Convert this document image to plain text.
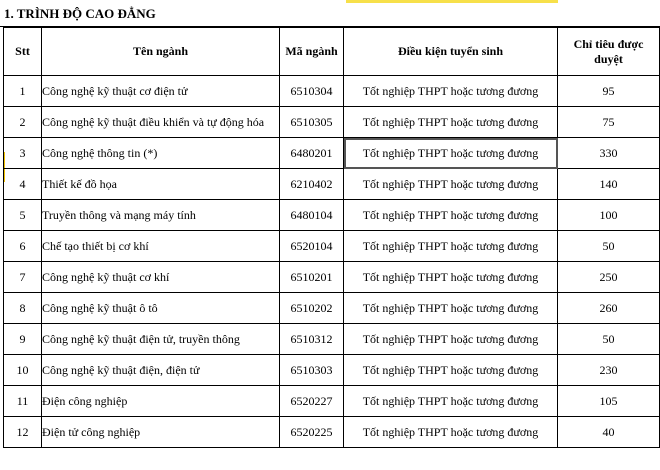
1. TRÌNH ĐỘ CAO ĐẲNG
Stt	Tên ngành	Mã ngành	Điều kiện tuyển sinh	Chỉ tiêu được duyệt
1	Công nghệ kỹ thuật cơ điện tử	6510304	Tốt nghiệp THPT hoặc tương đương	95
2	Công nghệ kỹ thuật điều khiển và tự động hóa	6510305	Tốt nghiệp THPT hoặc tương đương	75
3	Công nghệ thông tin (*)	6480201	Tốt nghiệp THPT hoặc tương đương	330
4	Thiết kế đồ họa	6210402	Tốt nghiệp THPT hoặc tương đương	140
5	Truyền thông và mạng máy tính	6480104	Tốt nghiệp THPT hoặc tương đương	100
6	Chế tạo thiết bị cơ khí	6520104	Tốt nghiệp THPT hoặc tương đương	50
7	Công nghệ kỹ thuật cơ khí	6510201	Tốt nghiệp THPT hoặc tương đương	250
8	Công nghệ kỹ thuật ô tô	6510202	Tốt nghiệp THPT hoặc tương đương	260
9	Công nghệ kỹ thuật điện tử, truyền thông	6510312	Tốt nghiệp THPT hoặc tương đương	50
10	Công nghệ kỹ thuật điện, điện tử	6510303	Tốt nghiệp THPT hoặc tương đương	230
11	Điện công nghiệp	6520227	Tốt nghiệp THPT hoặc tương đương	105
12	Điện tử công nghiệp	6520225	Tốt nghiệp THPT hoặc tương đương	40
